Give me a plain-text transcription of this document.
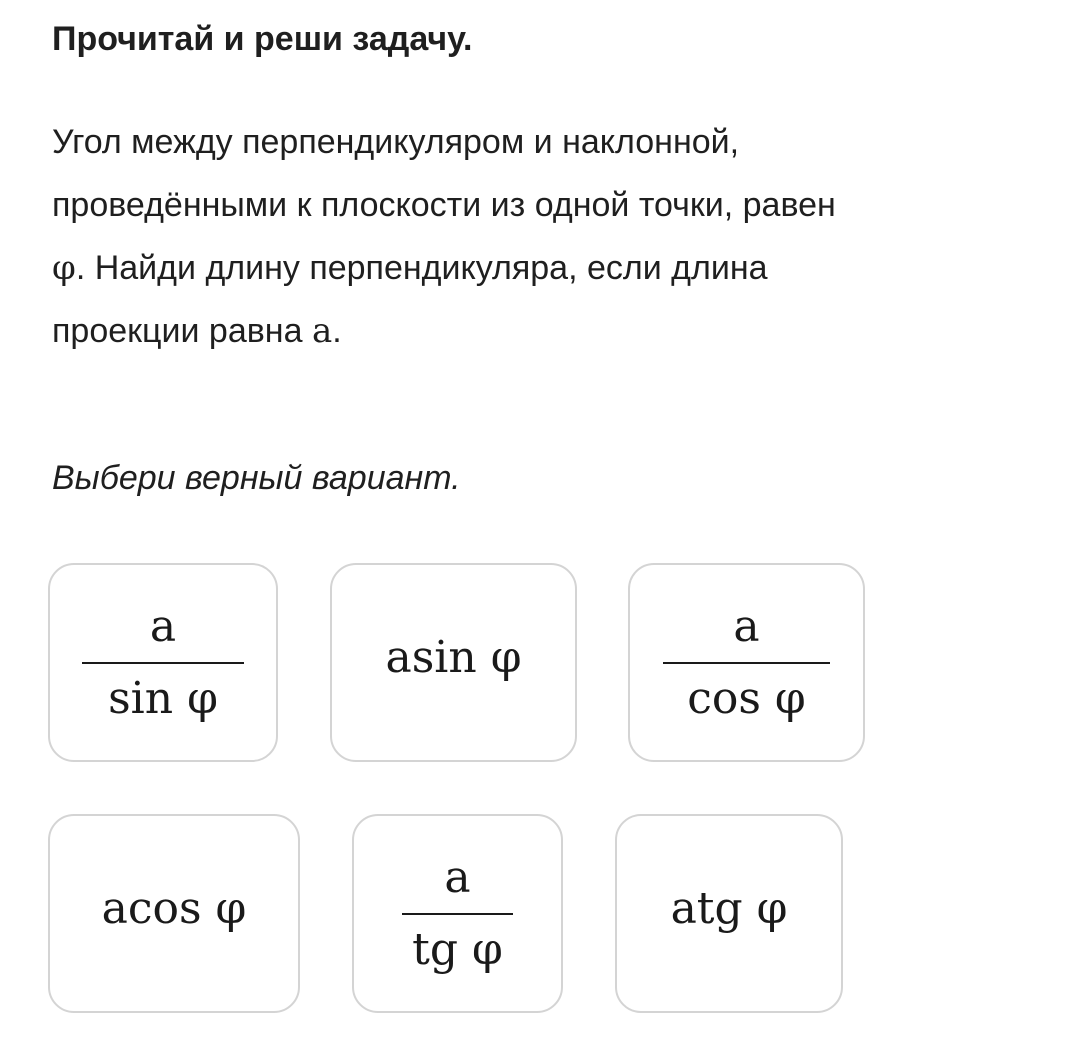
Прочитай и реши задачу.

Угол между перпендикуляром и наклонной,
проведёнными к плоскости из одной точки, равен
φ. Найди длину перпендикуляра, если длина
проекции равна a.

Выбери верный вариант.

$\frac{a}{\text{sin φ}}$	asin φ	$\frac{a}{\text{cos φ}}$
acos φ	$\frac{a}{\text{tg φ}}$	atg φ
